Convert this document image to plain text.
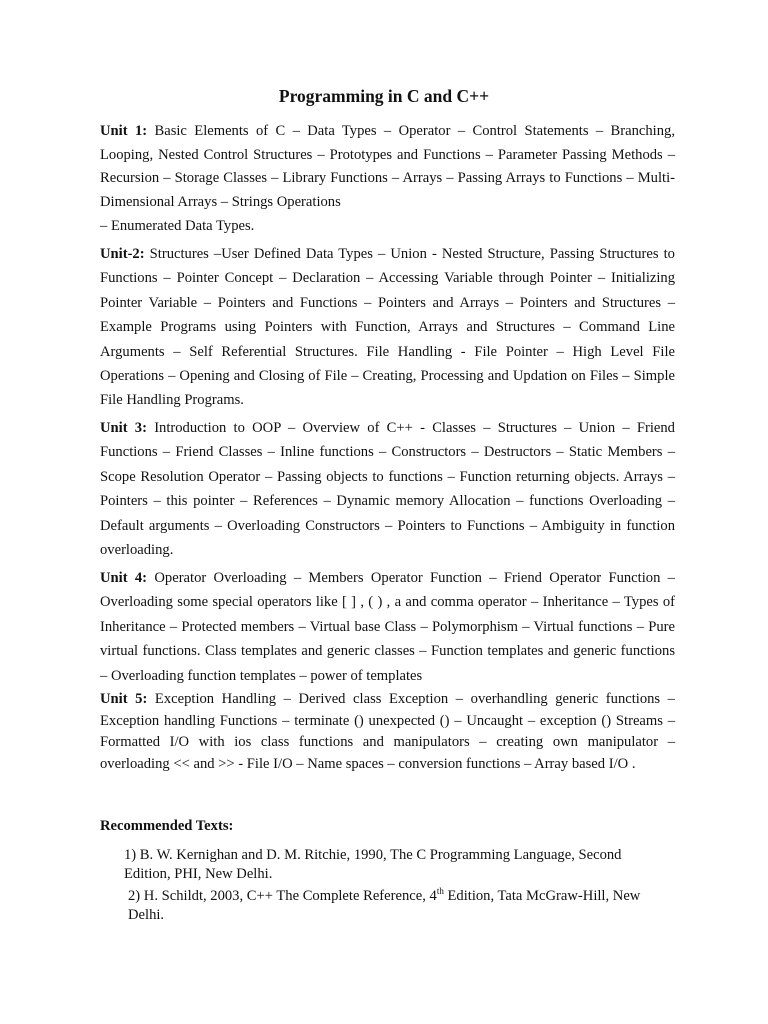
Programming in C and C++

Unit 1: Basic Elements of C – Data Types – Operator – Control Statements – Branching, Looping, Nested Control Structures – Prototypes and Functions – Parameter Passing Methods – Recursion – Storage Classes – Library Functions – Arrays – Passing Arrays to Functions – Multi-Dimensional Arrays – Strings Operations
– Enumerated Data Types.

Unit-2: Structures –User Defined Data Types – Union - Nested Structure, Passing Structures to Functions – Pointer Concept – Declaration – Accessing Variable through Pointer – Initializing Pointer Variable – Pointers and Functions – Pointers and Arrays – Pointers and Structures – Example Programs using Pointers with Function, Arrays and Structures – Command Line Arguments – Self Referential Structures. File Handling - File Pointer – High Level File Operations – Opening and Closing of File – Creating, Processing and Updation on Files – Simple File Handling Programs.

Unit 3: Introduction to OOP – Overview of C++ - Classes – Structures – Union – Friend Functions – Friend Classes – Inline functions – Constructors – Destructors – Static Members – Scope Resolution Operator – Passing objects to functions – Function returning objects. Arrays – Pointers – this pointer – References – Dynamic memory Allocation – functions Overloading – Default arguments – Overloading Constructors – Pointers to Functions – Ambiguity in function overloading.

Unit 4: Operator Overloading – Members Operator Function – Friend Operator Function – Overloading some special operators like [ ] , ( ) , a and comma operator – Inheritance – Types of Inheritance – Protected members – Virtual base Class – Polymorphism – Virtual functions – Pure virtual functions. Class templates and generic classes – Function templates and generic functions – Overloading function templates – power of templates

Unit 5: Exception Handling – Derived class Exception – overhandling generic functions – Exception handling Functions – terminate () unexpected () – Uncaught – exception () Streams – Formatted I/O with ios class functions and manipulators – creating own manipulator – overloading << and >> - File I/O – Name spaces – conversion functions – Array based I/O .

Recommended Texts:

1) B. W. Kernighan and D. M. Ritchie, 1990, The C Programming Language, Second Edition, PHI, New Delhi.

2) H. Schildt, 2003, C++ The Complete Reference, 4th Edition, Tata McGraw-Hill, New Delhi.
